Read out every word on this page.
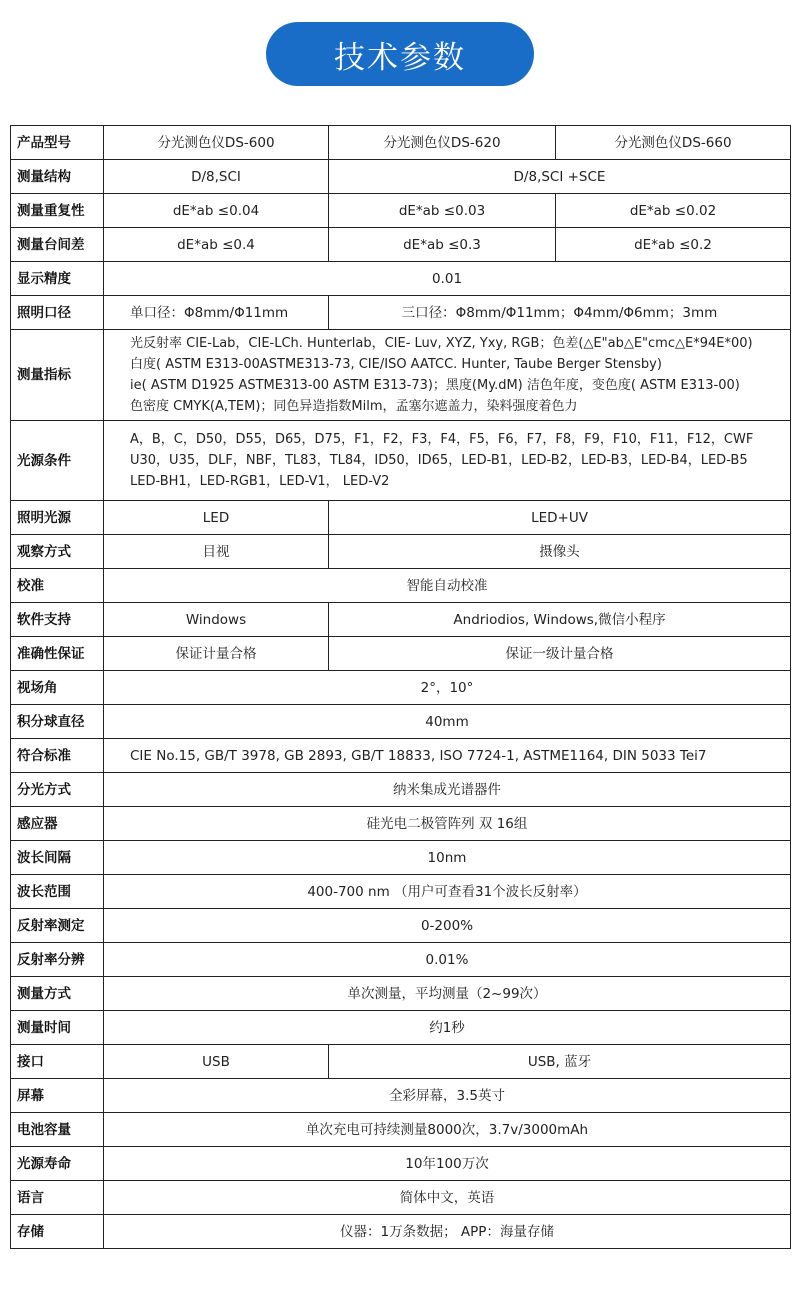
技术参数
产品型号	分光测色仪DS-600	分光测色仪DS-620	分光测色仪DS-660
测量结构	D/8,SCI	D/8,SCI +SCE	
测量重复性	dE*ab ≤0.04	dE*ab ≤0.03	dE*ab ≤0.02
测量台间差	dE*ab ≤0.4	dE*ab ≤0.3	dE*ab ≤0.2
显示精度	0.01		
照明口径	单口径：Φ8mm/Φ11mm	三口径：Φ8mm/Φ11mm；Φ4mm/Φ6mm；3mm	
测量指标	光反射率 CIE-Lab，CIE-LCh. Hunterlab，CIE- Luv, XYZ, Yxy, RGB；色差(△E"ab△E"cmc△E*94E*00)
白度( ASTM E313-00ASTME313-73, CIE/ISO AATCC. Hunter, Taube Berger Stensby)
ie( ASTM D1925 ASTME313-00 ASTM E313-73)；黑度(My.dM) 洁色年度，变色度( ASTM E313-00)
色密度 CMYK(A,TEM)；同色异造指数Milm，孟塞尔遮盖力，染料强度着色力		

光源条件	A，B，C，D50，D55，D65，D75，F1，F2，F3，F4，F5，F6，F7，F8，F9，F10，F11，F12，CWF
U30，U35，DLF，NBF，TL83，TL84，ID50，ID65，LED-B1，LED-B2，LED-B3，LED-B4，LED-B5
LED-BH1，LED-RGB1，LED-V1， LED-V2		

照明光源	LED	LED+UV	
观察方式	目视	摄像头	
校准	智能自动校准		
软件支持	Windows	Andriodios, Windows,微信小程序	
准确性保证	保证计量合格	保证一级计量合格	
视场角	2°，10°		
积分球直径	40mm		
符合标准	CIE No.15, GB/T 3978, GB 2893, GB/T 18833, ISO 7724-1, ASTME1164, DIN 5033 Tei7		
分光方式	纳米集成光谱器件		
感应器	硅光电二极管阵列 双 16组		
波长间隔	10nm		
波长范围	400-700 nm （用户可查看31个波长反射率）		
反射率测定	0-200%		
反射率分辨	0.01%		
测量方式	单次测量，平均测量（2~99次）		
测量时间	约1秒		
接口	USB	USB, 蓝牙	
屏幕	全彩屏幕，3.5英寸		
电池容量	单次充电可持续测量8000次，3.7v/3000mAh		
光源寿命	10年100万次		
语言	简体中文，英语		
存储	仪器：1万条数据； APP：海量存储		
